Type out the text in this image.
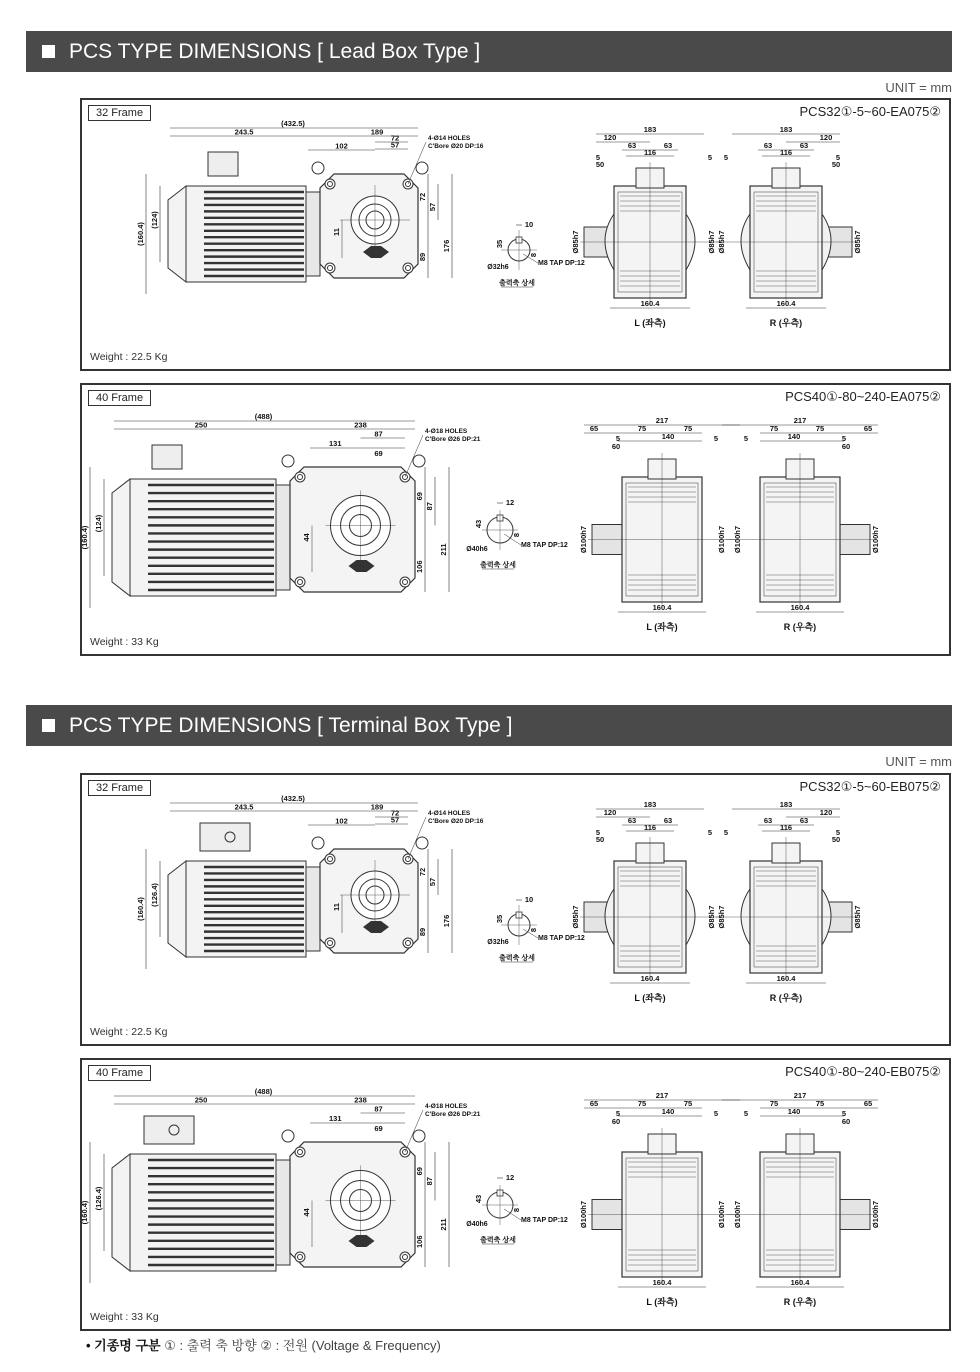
PCS TYPE DIMENSIONS [ Lead Box Type ]
UNIT = mm
32 Frame	PCS32①-5~60-EA075②
Weight : 22.5 Kg
(432.5)
243.5	189
102
72
57
4-Ø14 HOLES
C'Bore Ø20 DP:16
(160.4)
(124)
72
57
89
176
11
10
35
8
M8 TAP DP:12
Ø32h6
출력축 상세
183
120
63	63
116
5
50
5
Ø85h7	Ø85h7
160.4
L (좌측)
183
120
63	63
116
5
50
5
Ø85h7	Ø85h7
160.4
R (우측)
40 Frame	PCS40①-80~240-EA075②
Weight : 33 Kg
(488)
250	238
87
131
69
4-Ø18 HOLES
C'Bore Ø26 DP:21
(160.4)
(124)
69
87
106
211
44
12
43
8
M8 TAP DP:12
Ø40h6
출력축 상세
217
65	75	75
140	5
60
5
Ø100h7	Ø100h7
160.4
L (좌측)
217
75	75	65
140
5
60
5
Ø100h7	Ø100h7
160.4
R (우측)
PCS TYPE DIMENSIONS [ Terminal Box Type ]
UNIT = mm
32 Frame	PCS32①-5~60-EB075②
Weight : 22.5 Kg
(432.5)
243.5	189
102
72
57
4-Ø14 HOLES
C'Bore Ø20 DP:16
(160.4)
(126.4)
72
57
89
176
11
10
35
8
M8 TAP DP:12
Ø32h6
출력축 상세
183
120
63	63
116
5
50
5
Ø85h7	Ø85h7
160.4
L (좌측)
183
120
63	63
116
5
50
5
Ø85h7	Ø85h7
160.4
R (우측)
40 Frame	PCS40①-80~240-EB075②
Weight : 33 Kg
(488)
250	238
87
131
69
4-Ø18 HOLES
C'Bore Ø26 DP:21
(160.4)
(126.4)
69
87
106
211
44
12
43
8
M8 TAP DP:12
Ø40h6
출력축 상세
217
65	75	75
140	5
60
5
Ø100h7	Ø100h7
160.4
L (좌측)
217
75	75	65
140
5
60
5
Ø100h7	Ø100h7
160.4
R (우측)
• 기종명 구분 ① : 출력 축 방향 ② : 전원 (Voltage & Frequency)
